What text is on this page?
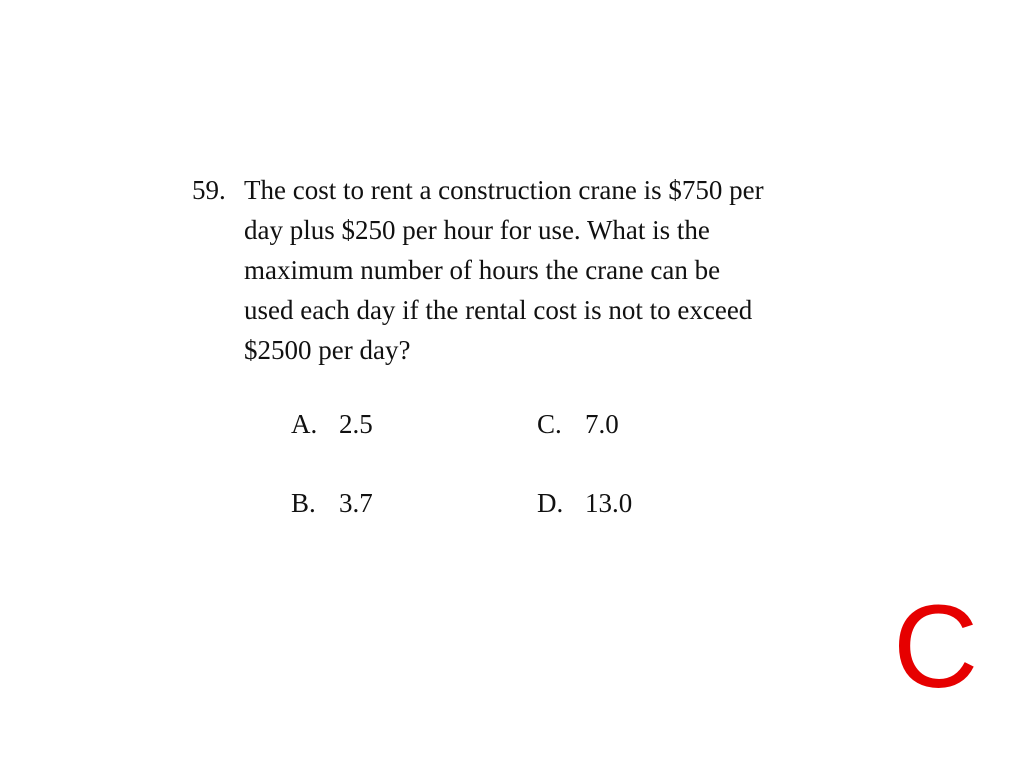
59. The cost to rent a construction crane is $750 per
day plus $250 per hour for use. What is the
maximum number of hours the crane can be
used each day if the rental cost is not to exceed
$2500 per day?
A. 2.5	C. 7.0
B. 3.7	D. 13.0
C
